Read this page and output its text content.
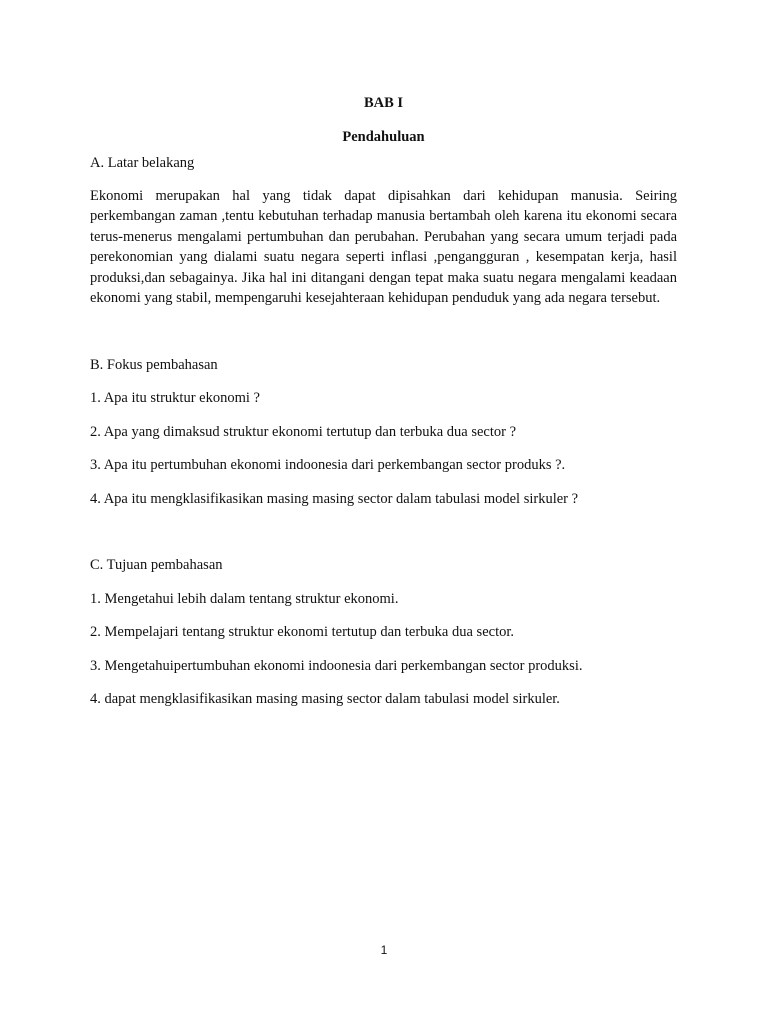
BAB I

Pendahuluan

A. Latar belakang

Ekonomi merupakan hal yang tidak dapat dipisahkan dari kehidupan manusia. Seiring perkembangan zaman ,tentu kebutuhan terhadap manusia bertambah oleh karena itu ekonomi secara terus-menerus mengalami pertumbuhan dan perubahan. Perubahan yang secara umum terjadi pada perekonomian yang dialami suatu negara seperti inflasi ,pengangguran , kesempatan kerja, hasil produksi,dan sebagainya. Jika hal ini ditangani dengan tepat maka suatu negara mengalami keadaan ekonomi yang stabil, mempengaruhi kesejahteraan kehidupan penduduk yang ada negara tersebut.

B. Fokus pembahasan

1. Apa itu struktur ekonomi ?

2. Apa yang dimaksud struktur ekonomi tertutup dan terbuka dua sector ?

3. Apa itu pertumbuhan ekonomi indoonesia dari perkembangan sector produks ?.

4. Apa itu mengklasifikasikan masing masing sector dalam tabulasi model sirkuler ?

C. Tujuan pembahasan

1. Mengetahui lebih dalam tentang struktur ekonomi.

2. Mempelajari tentang struktur ekonomi tertutup dan terbuka dua sector.

3. Mengetahuipertumbuhan ekonomi indoonesia dari perkembangan sector produksi.

4. dapat mengklasifikasikan masing masing sector dalam tabulasi model sirkuler.

1
